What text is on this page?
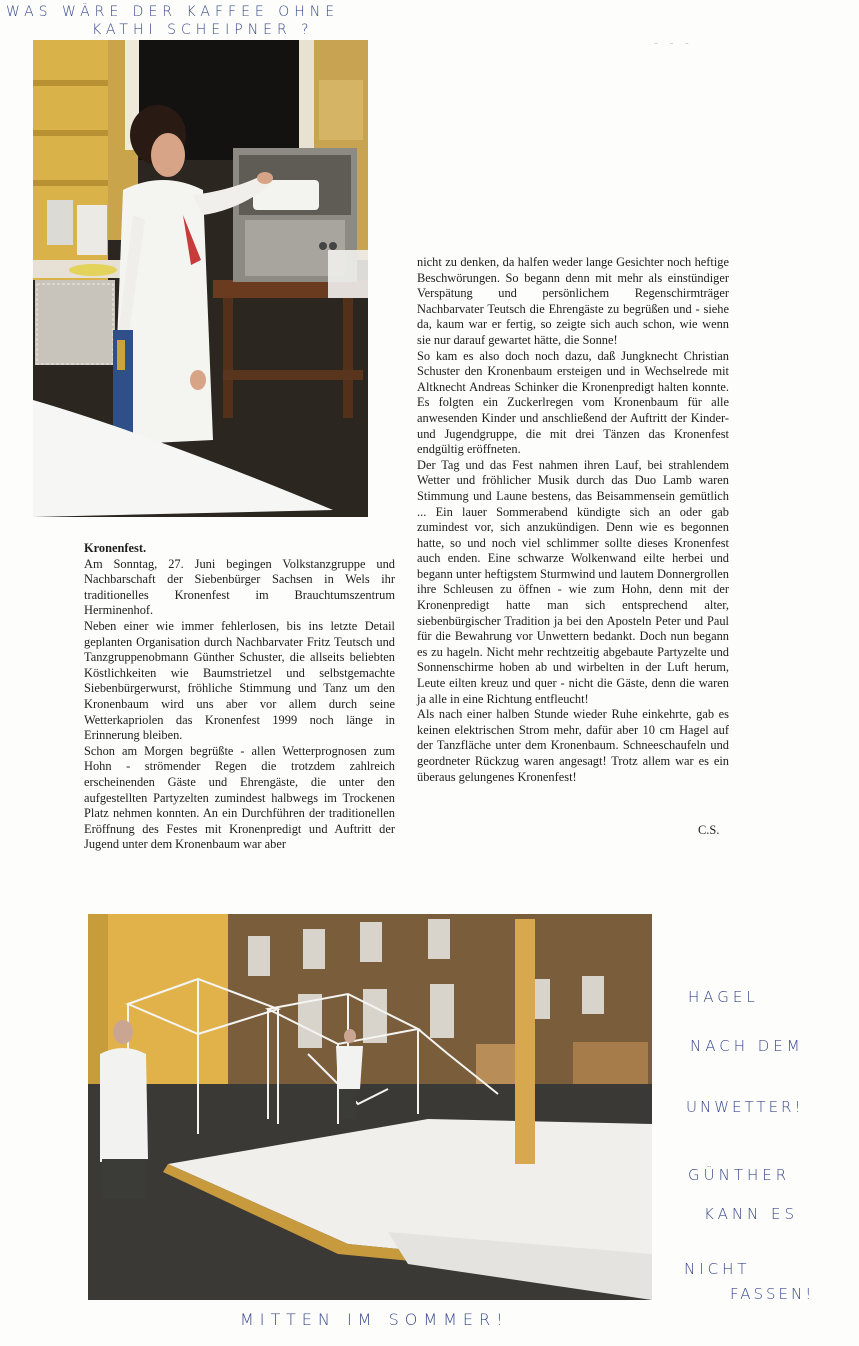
WAS WÄRE DER KAFFEE OHNE
KATHI SCHEIPNER ?
- - -

Kronenfest.

Am Sonntag, 27. Juni begingen Volkstanzgruppe und Nachbarschaft der Siebenbürger Sachsen in Wels ihr traditionelles Kronenfest im Brauchtumszentrum Herminenhof.

Neben einer wie immer fehlerlosen, bis ins letzte Detail geplanten Organisation durch Nachbarvater Fritz Teutsch und Tanzgruppenobmann Günther Schuster, die allseits beliebten Köstlichkeiten wie Baumstrietzel und selbstgemachte Siebenbürgerwurst, fröhliche Stimmung und Tanz um den Kronenbaum wird uns aber vor allem durch seine Wetterkapriolen das Kronenfest 1999 noch länge in Erinnerung bleiben.

Schon am Morgen begrüßte - allen Wetterprognosen zum Hohn - strömender Regen die trotzdem zahlreich erscheinenden Gäste und Ehrengäste, die unter den aufgestellten Partyzelten zumindest halbwegs im Trockenen Platz nehmen konnten. An ein Durchführen der traditionellen Eröffnung des Festes mit Kronenpredigt und Auftritt der Jugend unter dem Kronenbaum war aber

nicht zu denken, da halfen weder lange Gesichter noch heftige Beschwörungen. So begann denn mit mehr als einstündiger Verspätung und persönlichem Regenschirmträger Nachbarvater Teutsch die Ehrengäste zu begrüßen und - siehe da, kaum war er fertig, so zeigte sich auch schon, wie wenn sie nur darauf gewartet hätte, die Sonne!

So kam es also doch noch dazu, daß Jungknecht Christian Schuster den Kronenbaum ersteigen und in Wechselrede mit Altknecht Andreas Schinker die Kronenpredigt halten konnte. Es folgten ein Zuckerlregen vom Kronenbaum für alle anwesenden Kinder und anschließend der Auftritt der Kinder- und Jugendgruppe, die mit drei Tänzen das Kronenfest endgültig eröffneten.

Der Tag und das Fest nahmen ihren Lauf, bei strahlendem Wetter und fröhlicher Musik durch das Duo Lamb waren Stimmung und Laune bestens, das Beisammensein gemütlich ... Ein lauer Sommerabend kündigte sich an oder gab zumindest vor, sich anzukündigen. Denn wie es begonnen hatte, so und noch viel schlimmer sollte dieses Kronenfest auch enden. Eine schwarze Wolkenwand eilte herbei und begann unter heftigstem Sturmwind und lautem Donnergrollen ihre Schleusen zu öffnen - wie zum Hohn, denn mit der Kronenpredigt hatte man sich entsprechend alter, siebenbürgischer Tradition ja bei den Aposteln Peter und Paul für die Bewahrung vor Unwettern bedankt. Doch nun begann es zu hageln. Nicht mehr rechtzeitig abgebaute Partyzelte und Sonnenschirme hoben ab und wirbelten in der Luft herum, Leute eilten kreuz und quer - nicht die Gäste, denn die waren ja alle in eine Richtung entfleucht!

Als nach einer halben Stunde wieder Ruhe einkehrte, gab es keinen elektrischen Strom mehr, dafür aber 10 cm Hagel auf der Tanzfläche unter dem Kronenbaum. Schneeschaufeln und geordneter Rückzug waren angesagt! Trotz allem war es ein überaus gelungenes Kronenfest!

C.S.
HAGEL
NACH DEM
UNWETTER!
GÜNTHER
KANN ES
NICHT
FASSEN!
MITTEN IM SOMMER!
